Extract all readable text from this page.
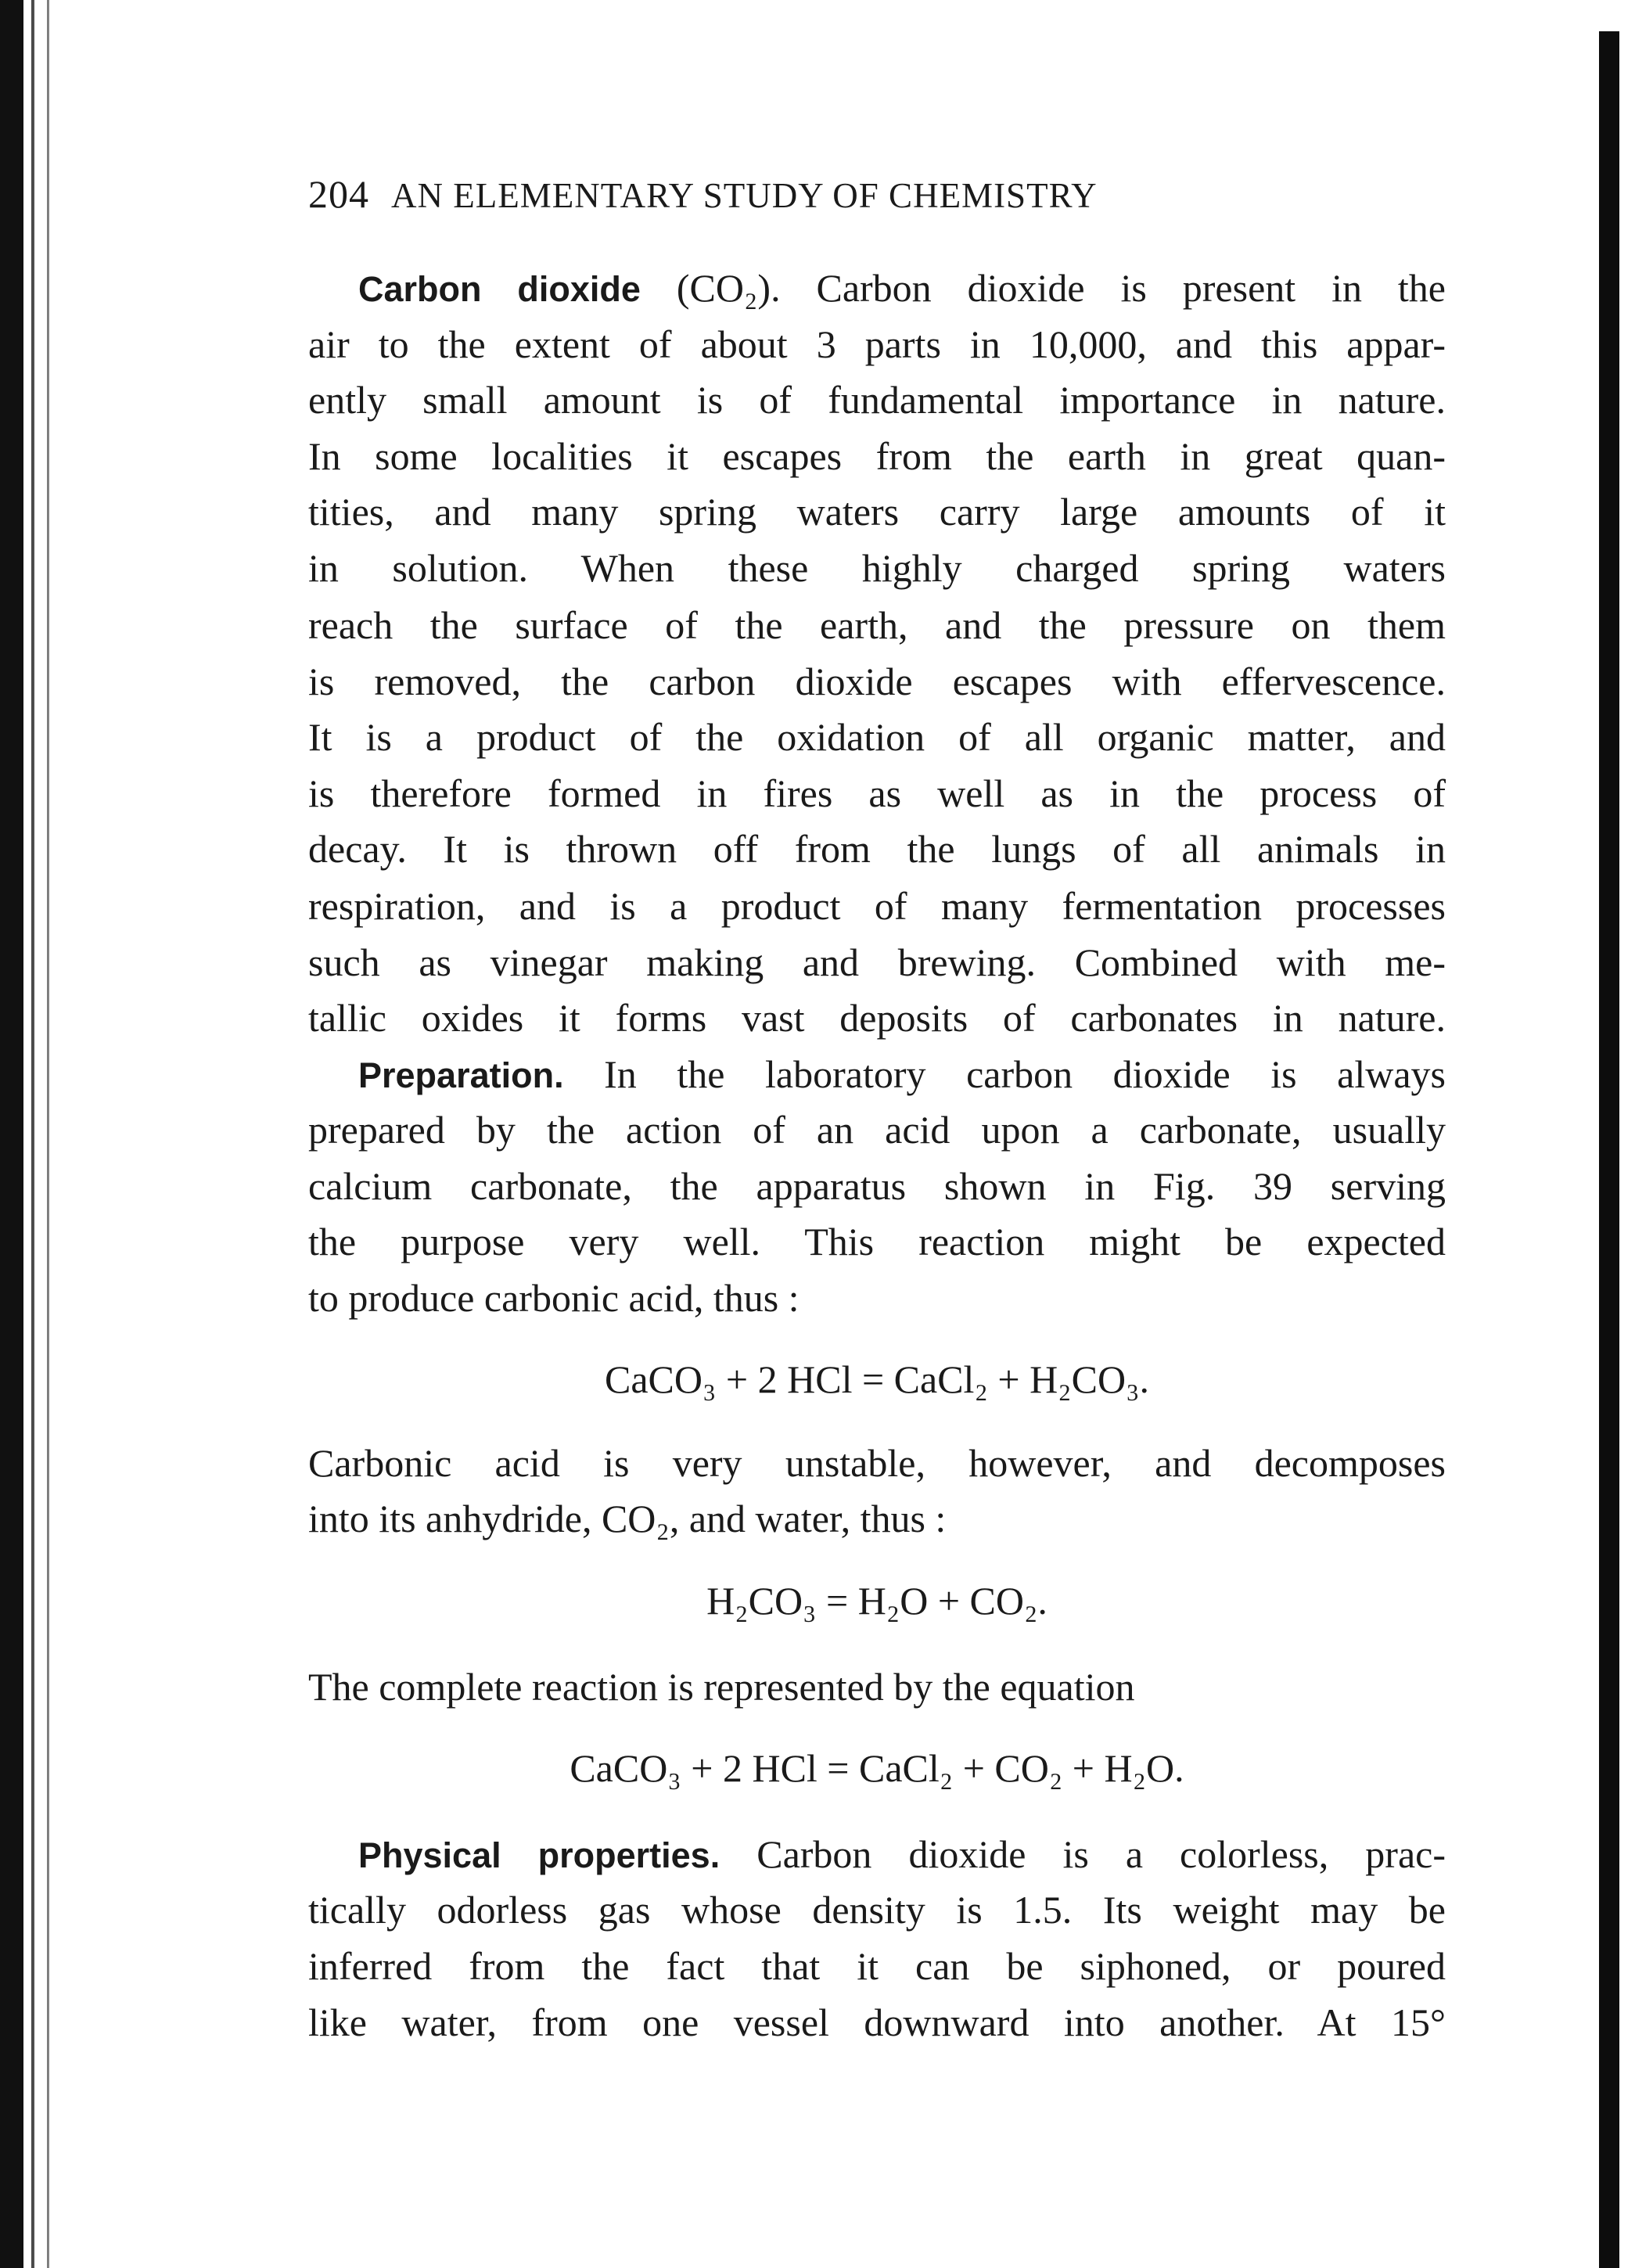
204 AN ELEMENTARY STUDY OF CHEMISTRY
Carbon dioxide (CO₂). Carbon dioxide is present in the
air to the extent of about 3 parts in 10,000, and this appar-
ently small amount is of fundamental importance in nature.
In some localities it escapes from the earth in great quan-
tities, and many spring waters carry large amounts of it
in solution. When these highly charged spring waters
reach the surface of the earth, and the pressure on them
is removed, the carbon dioxide escapes with effervescence.
It is a product of the oxidation of all organic matter, and
is therefore formed in fires as well as in the process of
decay. It is thrown off from the lungs of all animals in
respiration, and is a product of many fermentation processes
such as vinegar making and brewing. Combined with me-
tallic oxides it forms vast deposits of carbonates in nature.
Preparation. In the laboratory carbon dioxide is always
prepared by the action of an acid upon a carbonate, usually
calcium carbonate, the apparatus shown in Fig. 39 serving
the purpose very well. This reaction might be expected
to produce carbonic acid, thus :
CaCO₃ + 2 HCl = CaCl₂ + H₂CO₃.
Carbonic acid is very unstable, however, and decomposes
into its anhydride, CO₂, and water, thus :
H₂CO₃ = H₂O + CO₂.
The complete reaction is represented by the equation
CaCO₃ + 2 HCl = CaCl₂ + CO₂ + H₂O.
Physical properties. Carbon dioxide is a colorless, prac-
tically odorless gas whose density is 1.5. Its weight may be
inferred from the fact that it can be siphoned, or poured
like water, from one vessel downward into another. At 15°
